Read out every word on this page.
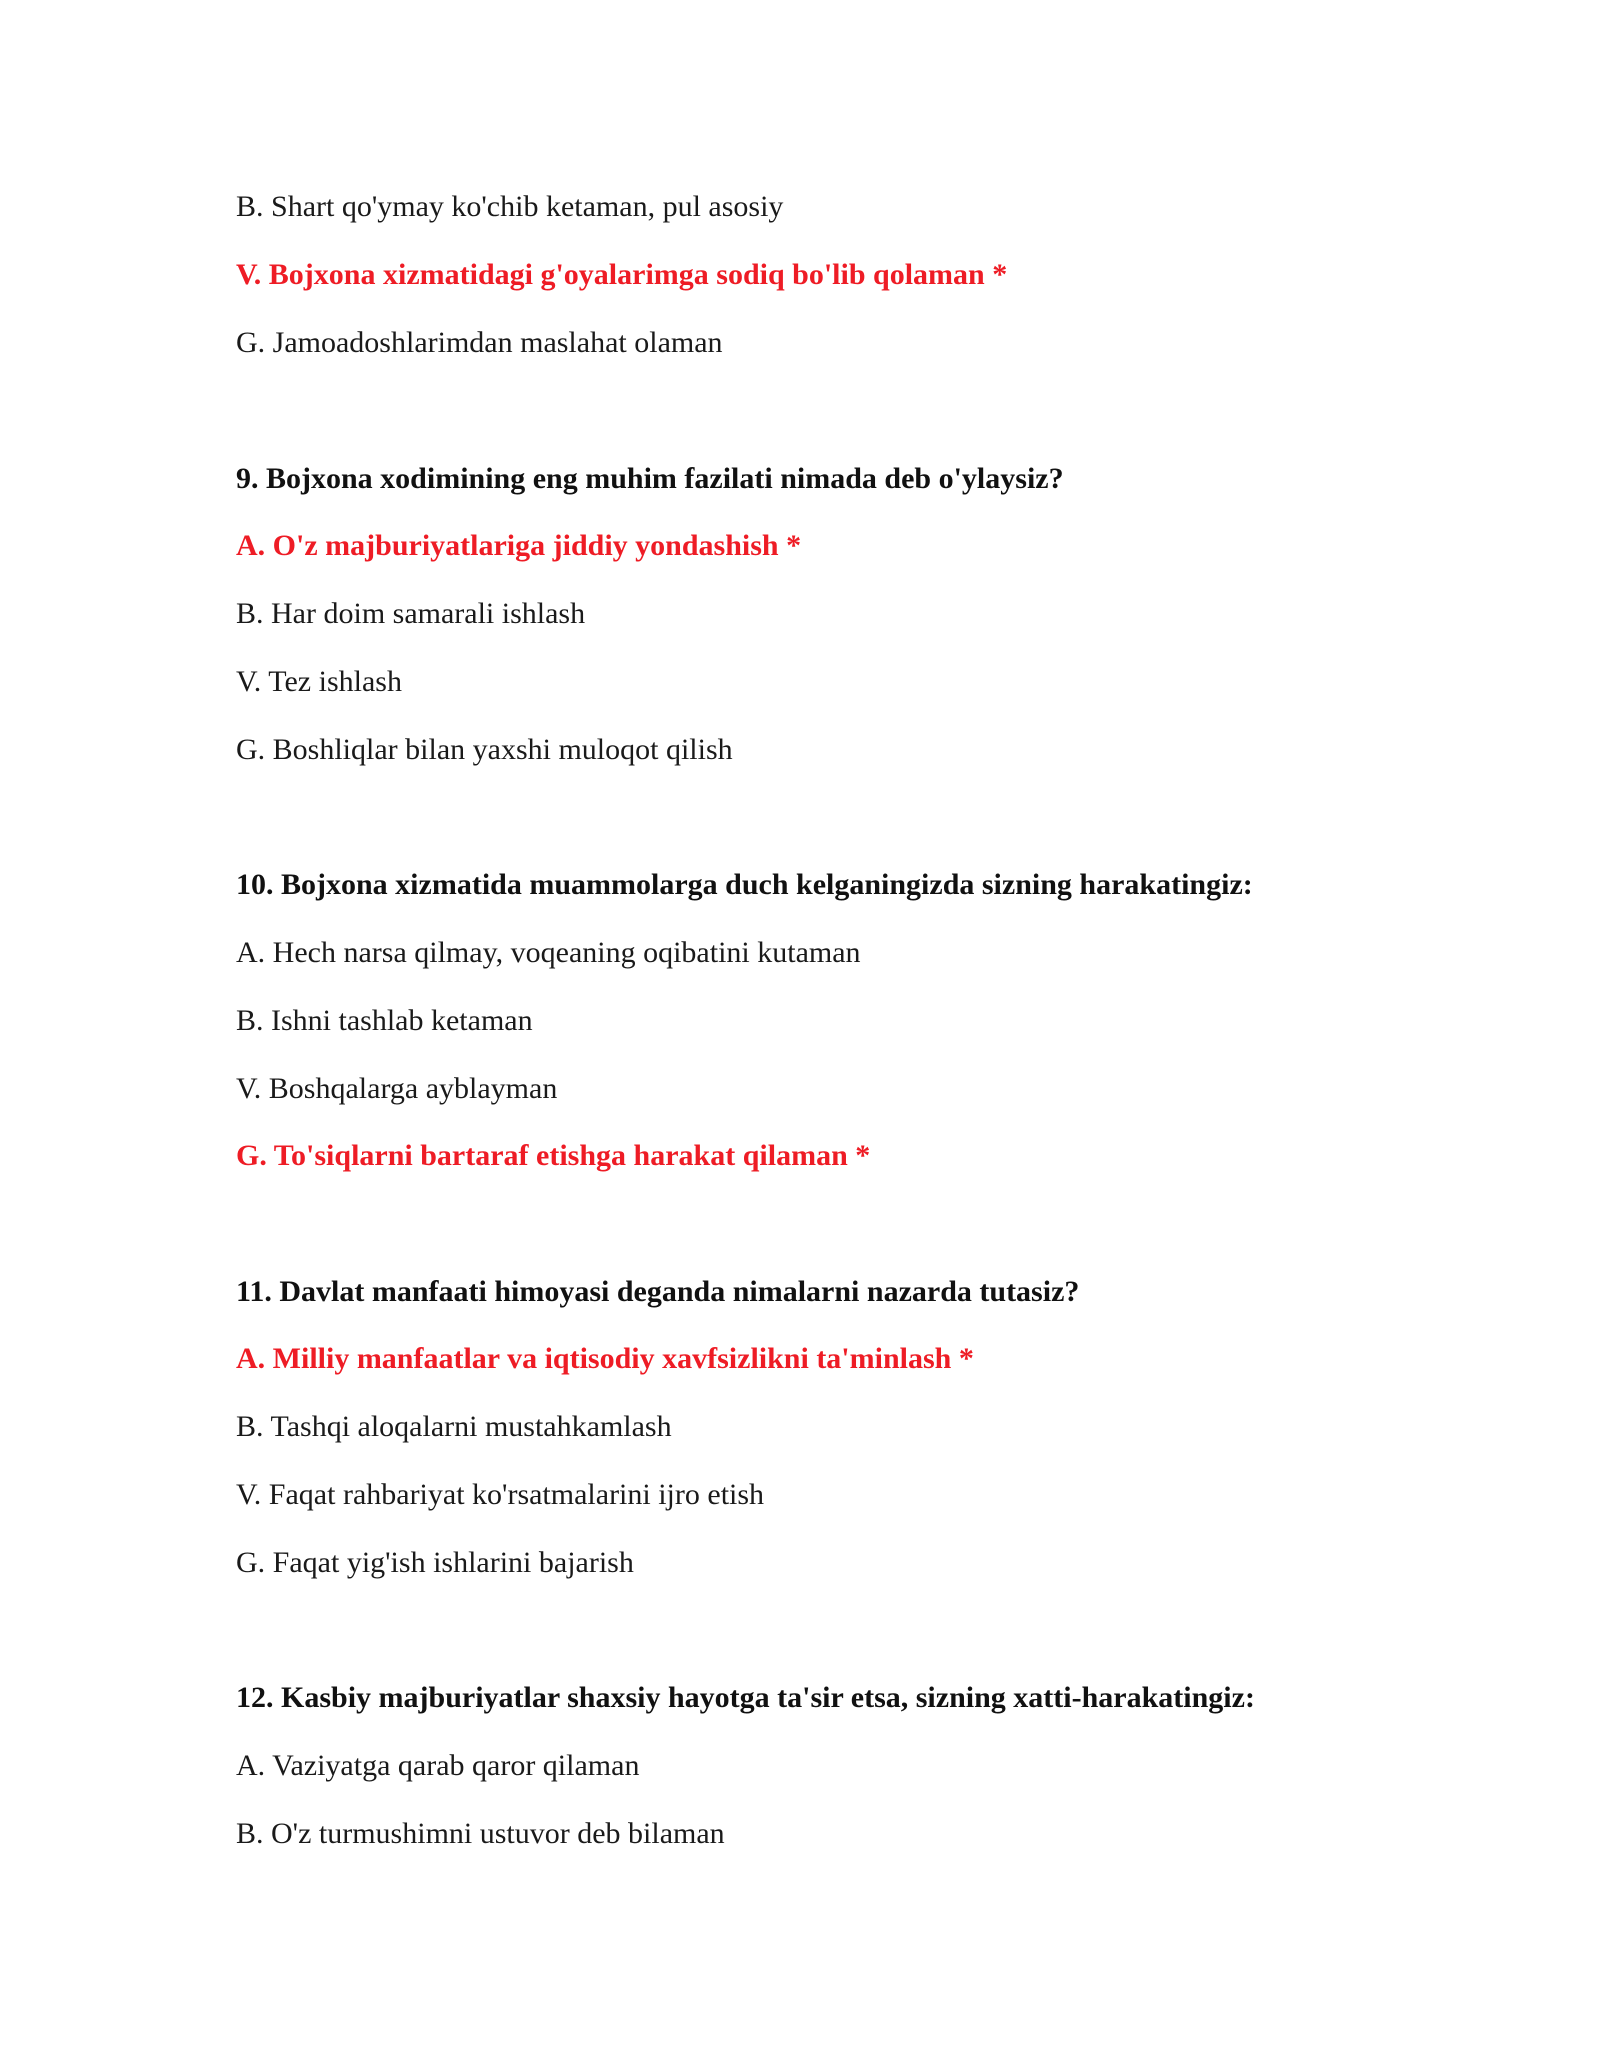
B. Shart qo'ymay ko'chib ketaman, pul asosiy
V. Bojxona xizmatidagi g'oyalarimga sodiq bo'lib qolaman *
G. Jamoadoshlarimdan maslahat olaman
9. Bojxona xodimining eng muhim fazilati nimada deb o'ylaysiz?
A. O'z majburiyatlariga jiddiy yondashish *
B. Har doim samarali ishlash
V. Tez ishlash
G. Boshliqlar bilan yaxshi muloqot qilish
10. Bojxona xizmatida muammolarga duch kelganingizda sizning harakatingiz:
A. Hech narsa qilmay, voqeaning oqibatini kutaman
B. Ishni tashlab ketaman
V. Boshqalarga ayblayman
G. To'siqlarni bartaraf etishga harakat qilaman *
11. Davlat manfaati himoyasi deganda nimalarni nazarda tutasiz?
A. Milliy manfaatlar va iqtisodiy xavfsizlikni ta'minlash *
B. Tashqi aloqalarni mustahkamlash
V. Faqat rahbariyat ko'rsatmalarini ijro etish
G. Faqat yig'ish ishlarini bajarish
12. Kasbiy majburiyatlar shaxsiy hayotga ta'sir etsa, sizning xatti-harakatingiz:
A. Vaziyatga qarab qaror qilaman
B. O'z turmushimni ustuvor deb bilaman
